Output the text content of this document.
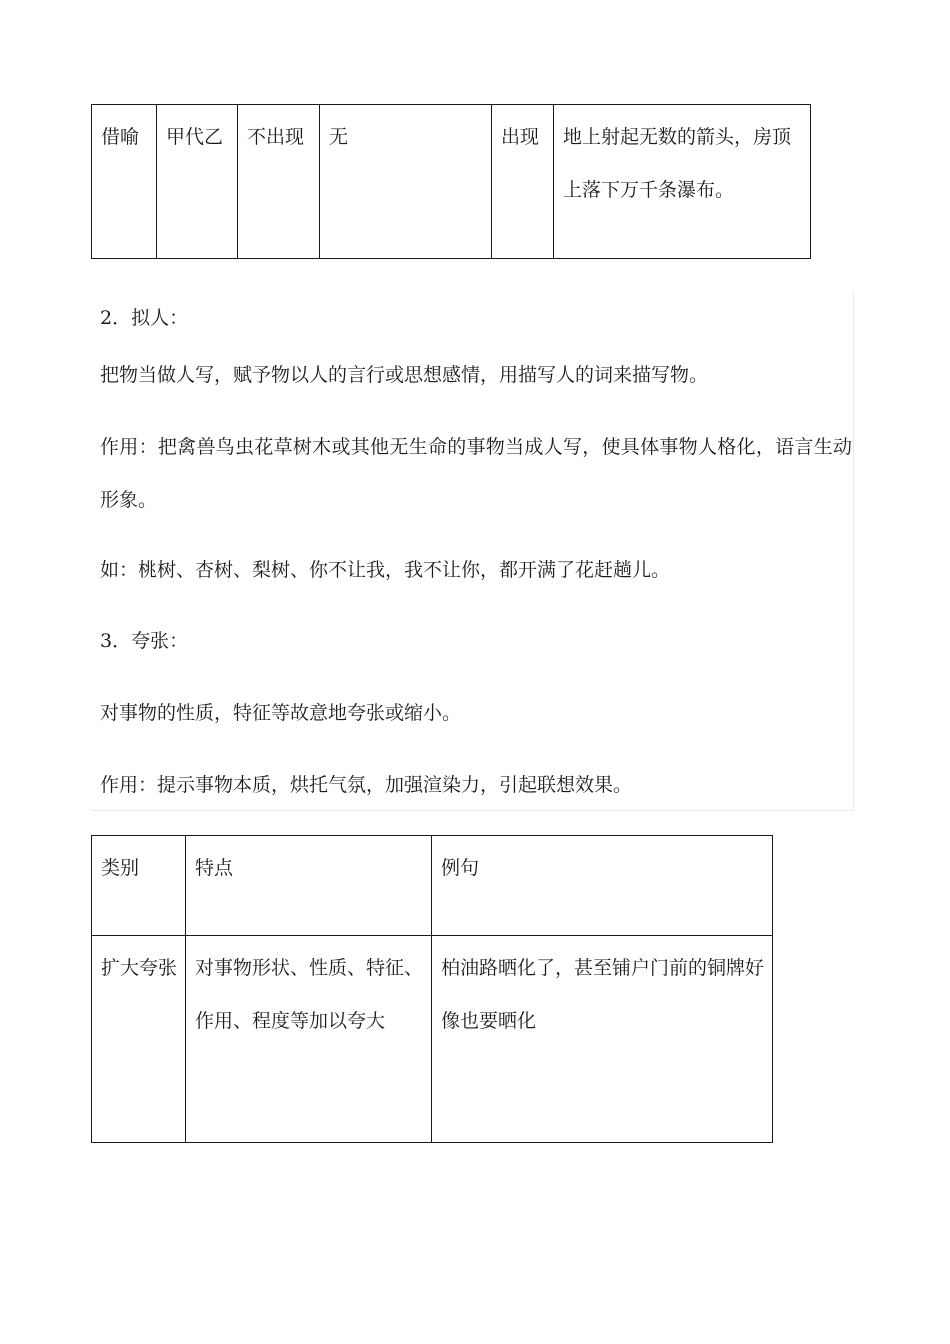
借喻	甲代乙	不出现	无	出现	地上射起无数的箭头，房顶上落下万千条瀑布。

2．拟人：

把物当做人写，赋予物以人的言行或思想感情，用描写人的词来描写物。

作用：把禽兽鸟虫花草树木或其他无生命的事物当成人写，使具体事物人格化，语言生动形象。

如：桃树、杏树、梨树、你不让我，我不让你，都开满了花赶趟儿。

3．夸张：

对事物的性质，特征等故意地夸张或缩小。

作用：提示事物本质，烘托气氛，加强渲染力，引起联想效果。

类别	特点	例句
扩大夸张	对事物形状、性质、特征、作用、程度等加以夸大	柏油路晒化了，甚至铺户门前的铜牌好像也要晒化
